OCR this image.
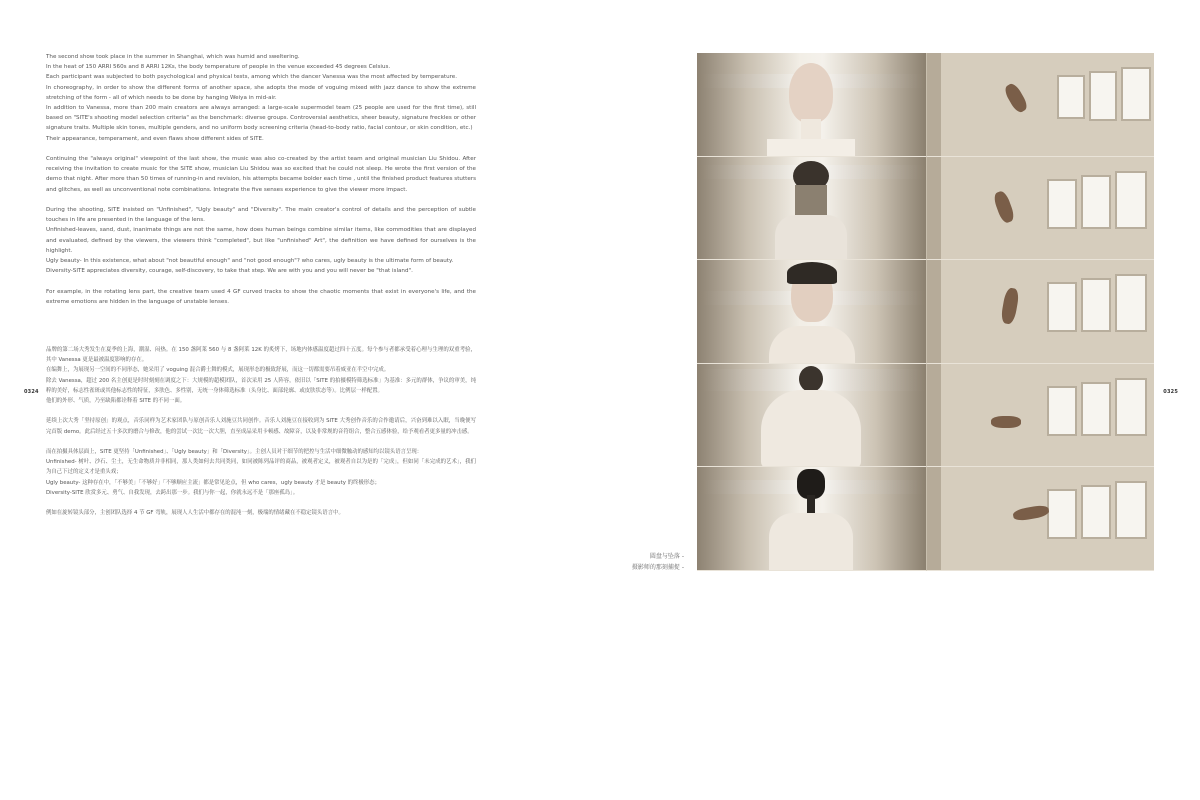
0324	0325

The second show took place in the summer in Shanghai, which was humid and sweltering.
In the heat of 150 ARRI 560s and 8 ARRI 12Ks, the body temperature of people in the venue exceeded 45 degrees Celsius.
Each participant was subjected to both psychological and physical tests, among which the dancer Vanessa was the most affected by temperature.
In choreography, in order to show the different forms of another space, she adopts the mode of voguing mixed with jazz dance to show the extreme stretching of the form - all of which needs to be done by hanging Weiya in mid-air.
In addition to Vanessa, more than 200 main creators are always arranged: a large-scale supermodel team (25 people are used for the first time), still based on "SITE's shooting model selection criteria" as the benchmark: diverse groups. Controversial aesthetics, sheer beauty, signature freckles or other signature traits. Multiple skin tones, multiple genders, and no uniform body screening criteria (head-to-body ratio, facial contour, or skin condition, etc.)
Their appearance, temperament, and even flaws show different sides of SITE.

Continuing the "always original" viewpoint of the last show, the music was also co-created by the artist team and original musician Liu Shidou. After receiving the invitation to create music for the SITE show, musician Liu Shidou was so excited that he could not sleep. He wrote the first version of the demo that night. After more than 50 times of running-in and revision, his attempts became bolder each time , until the finished product features stutters and glitches, as well as unconventional note combinations. Integrate the five senses experience to give the viewer more impact.

During the shooting, SITE insisted on "Unfinished", "Ugly beauty" and "Diversity". The main creator's control of details and the perception of subtle touches in life are presented in the language of the lens.
Unfinished-leaves, sand, dust, inanimate things are not the same, how does human beings combine similar items, like commodities that are displayed and evaluated, defined by the viewers, the viewers think "completed", but like "unfinished" Art", the definition we have defined for ourselves is the highlight.
Ugly beauty- In this existence, what about "not beautiful enough" and "not good enough"? who cares, ugly beauty is the ultimate form of beauty.
Diversity-SITE appreciates diversity, courage, self-discovery, to take that step. We are with you and you will never be "that island".

For example, in the rotating lens part, the creative team used 4 GF curved tracks to show the chaotic moments that exist in everyone's life, and the extreme emotions are hidden in the language of unstable lenses.

品牌的第二场大秀发生在夏季的上海，潮湿、闷热。在 150 盏阿莱 560 与 8 盏阿莱 12K 的炙烤下，场地内体感温度超过四十五度。每个参与者都承受着心理与生理的双重考验，其中 Vanessa 更是最被温度影响的存在。
在编舞上，为展现另一空间的不同形态，她采用了 voguing 混合爵士舞的模式，展现形态的极致舒展，而这一切都需要吊着威亚在半空中完成。
除去 Vanessa，超过 200 名主创更是时时刻刻在调度之下：大规模的超模团队，首次采用 25 人阵容，依旧以「SITE 的拍摄模特筛选标准」为基准：多元的群体，争议的审美，纯粹的美好，标志性雀斑或其他标志性的特征，多肤色、多性别，无统一身体筛选标准（头身比、面部轮廓、或皮肤状态等）。比例层一样配置。
他们的外形、气质，乃至缺陷都诠释着 SITE 的不同一面。

延续上次大秀「坚持原创」的观点，音乐同样为艺术家团队与原创音乐人刘施豆共同创作。音乐人刘施豆在接收到为 SITE 大秀创作音乐的合作邀请后，兴奋到难以入眠，当晚便写完首版 demo。此后经过五十多次的磨合与修改，他的尝试一次比一次大胆，直至成品采用卡顿感、故障音，以及非常规的音符组合，整合五感体验，给予观看者更多量的冲击感。

而在拍摄具体层面上，SITE 更坚持「Unfinished」、「Ugly beauty」和「Diversity」。主创人员对于细节的把控与生活中细微触动的感知均以镜头语言呈现：
Unfinished- 树叶、沙石、尘土，无生命物质并非相同，那人类如何去共同类同，如同被陈列品评的商品，被观者定义，被观者自以为是的「完成」，但如同「未完成的艺术」，我们为自己下过的定义才是重头戏；
Ugly beauty- 这种存在中，「不够美」「不够好」「不够顺应主流」都是常见论点，但 who cares，ugly beauty 才是 beauty 的终极形态；
Diversity-SITE 欣赏多元、勇气、自我发现，去跨出那一步。我们与你一起，你就永远不是「那座孤岛」。

例如在旋转镜头部分，主创团队选择 4 节 GF 弯轨，展现人人生活中都存在的混沌一刻，极端的情绪藏在不稳定镜头语言中。

圆盘与坠落 -
摄影师的那刻捕捉 -
